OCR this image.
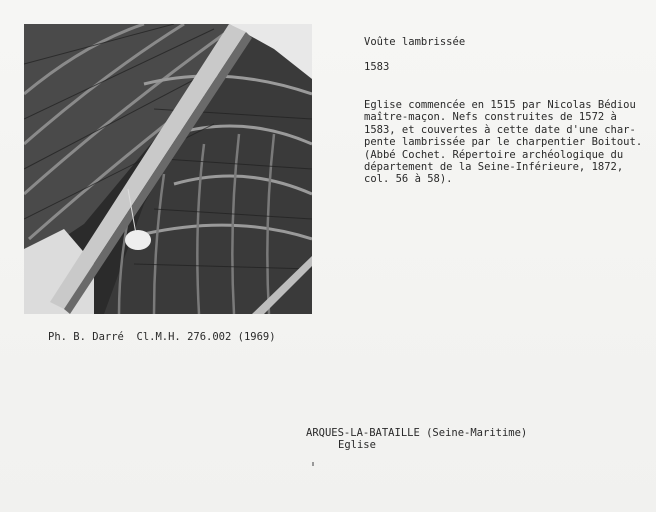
Voûte lambrissée

1583

Eglise commencée en 1515 par Nicolas Bédiou
maître-maçon. Nefs construites de 1572 à
1583, et couvertes à cette date d'une char-
pente lambrissée par le charpentier Boitout.
(Abbé Cochet. Répertoire archéologique du
département de la Seine-Inférieure, 1872,
col. 56 à 58).

Ph. B. Darré  Cl.M.H. 276.002 (1969)
ARQUES-LA-BATAILLE (Seine-Maritime)
Eglise
